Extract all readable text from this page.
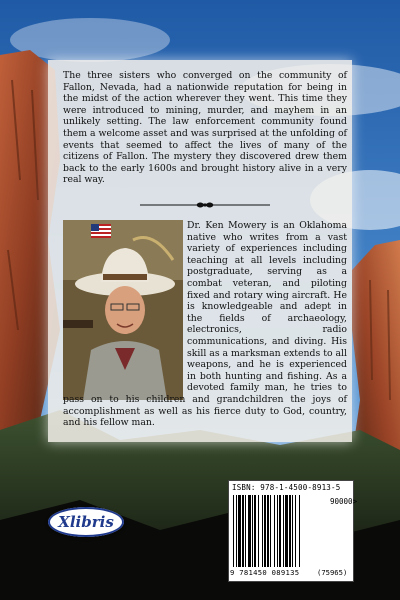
The three sisters who converged on the community of Fallon, Nevada, had a nationwide reputation for being in the midst of the action wherever they went. This time they were introduced to mining, murder, and mayhem in an unlikely setting. The law enforcement community found them a welcome asset and was surprised at the unfolding of events that seemed to affect the lives of many of the citizens of Fallon. The mystery they discovered drew them back to the early 1600s and brought history alive in a very real way.

Dr. Ken Mowery is an Oklahoma native who writes from a vast variety of experiences including teaching at all levels including postgraduate, serving as a combat veteran, and piloting fixed and rotary wing aircraft. He is knowledgeable and adept in the fields of archaeology, electronics, radio communications, and diving. His skill as a marksman extends to all weapons, and he is experienced in both hunting and fishing. As a devoted family man, he tries to pass on to his children and grandchildren the joys of accomplishment as well as his fierce duty to God, country, and his fellow man.

Xlibris
ISBN: 978-1-4500-8913-5
90000>
9 781450 089135 (75965)
